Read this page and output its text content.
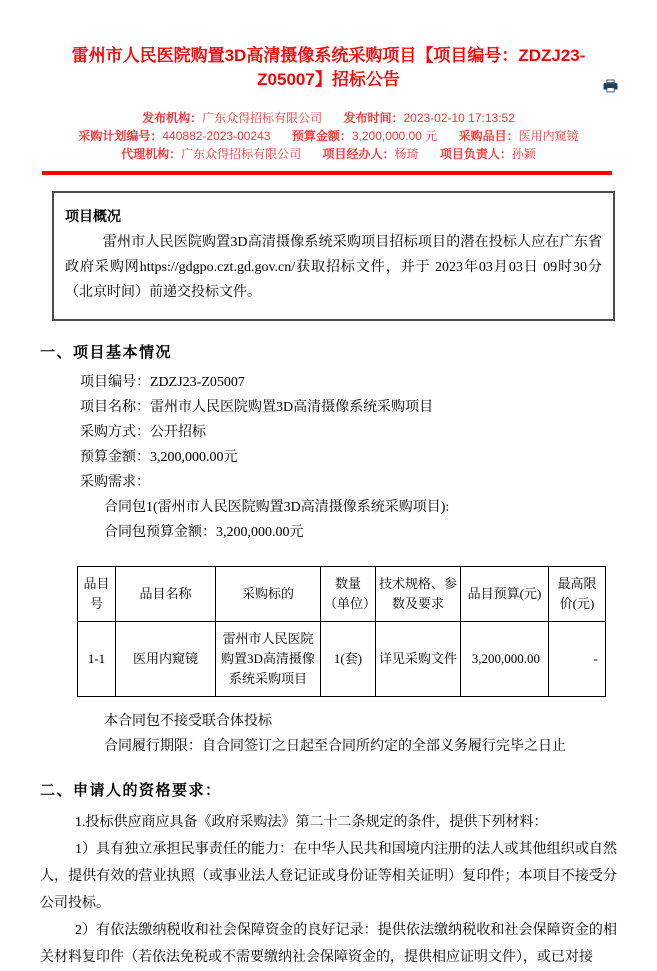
雷州市人民医院购置3D高清摄像系统采购项目【项目编号：ZDZJ23-Z05007】招标公告
发布机构：广东众得招标有限公司 发布时间：2023-02-10 17:13:52
采购计划编号：440882-2023-00243 预算金额：3,200,000.00 元 采购品目：医用内窥镜
代理机构：广东众得招标有限公司 项目经办人：杨琦 项目负责人：孙颖
项目概况

雷州市人民医院购置3D高清摄像系统采购项目招标项目的潜在投标人应在广东省政府采购网https://gdgpo.czt.gd.gov.cn/获取招标文件，并于 2023年03月03日 09时30分 （北京时间）前递交投标文件。

一、项目基本情况

项目编号：ZDZJ23-Z05007

项目名称：雷州市人民医院购置3D高清摄像系统采购项目

采购方式：公开招标

预算金额：3,200,000.00元

采购需求：

合同包1(雷州市人民医院购置3D高清摄像系统采购项目):

合同包预算金额：3,200,000.00元

品目号	品目名称	采购标的	数量（单位）	技术规格、参数及要求	品目预算(元)	最高限价(元)
1-1	医用内窥镜	雷州市人民医院购置3D高清摄像系统采购项目	1(套)	详见采购文件	3,200,000.00	-

本合同包不接受联合体投标

合同履行期限：自合同签订之日起至合同所约定的全部义务履行完毕之日止

二、申请人的资格要求：

1.投标供应商应具备《政府采购法》第二十二条规定的条件，提供下列材料：

1）具有独立承担民事责任的能力：在中华人民共和国境内注册的法人或其他组织或自然人，提供有效的营业执照（或事业法人登记证或身份证等相关证明）复印件；本项目不接受分公司投标。

2）有依法缴纳税收和社会保障资金的良好记录：提供依法缴纳税收和社会保障资金的相关材料复印件（若依法免税或不需要缴纳社会保障资金的，提供相应证明文件），或已对接
